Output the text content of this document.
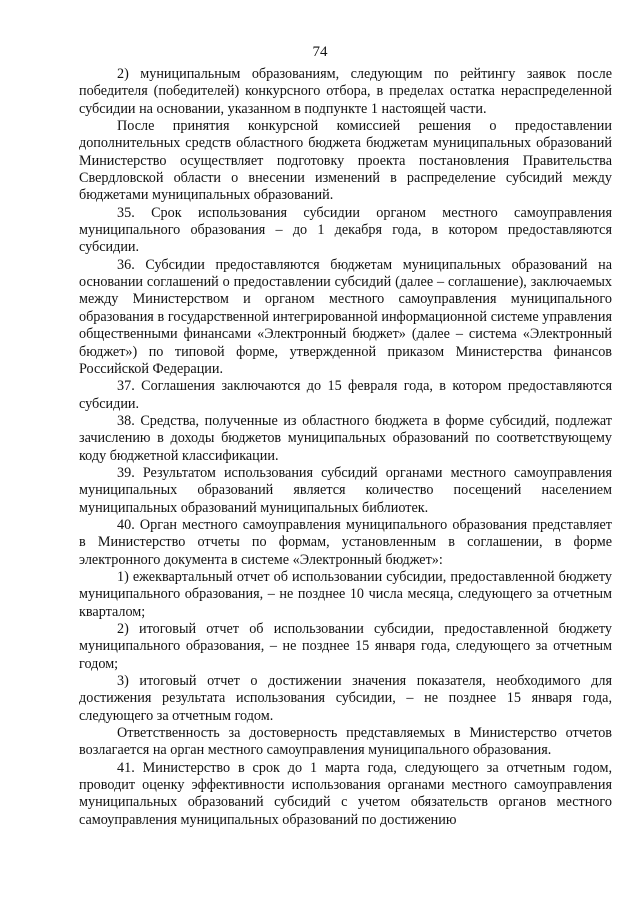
74

2) муниципальным образованиям, следующим по рейтингу заявок после победителя (победителей) конкурсного отбора, в пределах остатка нераспределенной субсидии на основании, указанном в подпункте 1 настоящей части.

После принятия конкурсной комиссией решения о предоставлении дополнительных средств областного бюджета бюджетам муниципальных образований Министерство осуществляет подготовку проекта постановления Правительства Свердловской области о внесении изменений в распределение субсидий между бюджетами муниципальных образований.

35. Срок использования субсидии органом местного самоуправления муниципального образования – до 1 декабря года, в котором предоставляются субсидии.

36. Субсидии предоставляются бюджетам муниципальных образований на основании соглашений о предоставлении субсидий (далее – соглашение), заключаемых между Министерством и органом местного самоуправления муниципального образования в государственной интегрированной информационной системе управления общественными финансами «Электронный бюджет» (далее – система «Электронный бюджет») по типовой форме, утвержденной приказом Министерства финансов Российской Федерации.

37. Соглашения заключаются до 15 февраля года, в котором предоставляются субсидии.

38. Средства, полученные из областного бюджета в форме субсидий, подлежат зачислению в доходы бюджетов муниципальных образований по соответствующему коду бюджетной классификации.

39. Результатом использования субсидий органами местного самоуправления муниципальных образований является количество посещений населением муниципальных образований муниципальных библиотек.

40. Орган местного самоуправления муниципального образования представляет в Министерство отчеты по формам, установленным в соглашении, в форме электронного документа в системе «Электронный бюджет»:

1) ежеквартальный отчет об использовании субсидии, предоставленной бюджету муниципального образования, – не позднее 10 числа месяца, следующего за отчетным кварталом;

2) итоговый отчет об использовании субсидии, предоставленной бюджету муниципального образования, – не позднее 15 января года, следующего за отчетным годом;

3) итоговый отчет о достижении значения показателя, необходимого для достижения результата использования субсидии, – не позднее 15 января года, следующего за отчетным годом.

Ответственность за достоверность представляемых в Министерство отчетов возлагается на орган местного самоуправления муниципального образования.

41. Министерство в срок до 1 марта года, следующего за отчетным годом, проводит оценку эффективности использования органами местного самоуправления муниципальных образований субсидий с учетом обязательств органов местного самоуправления муниципальных образований по достижению
